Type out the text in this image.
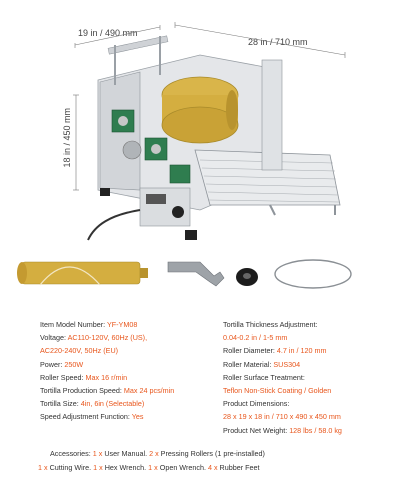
19 in / 490 mm
28 in / 710 mm
18 in / 450 mm
Item Model Number: YF-YM08
Voltage: AC110-120V, 60Hz (US),
AC220-240V, 50Hz (EU)
Power: 250W
Roller Speed: Max 16 r/min
Tortilla Production Speed: Max 24 pcs/min
Tortilla Size: 4in, 6in (Selectable)
Speed Adjustment Function: Yes
Tortilla Thickness Adjustment:
0.04-0.2 in / 1-5 mm
Roller Diameter: 4.7 in / 120 mm
Roller Material: SUS304
Roller Surface Treatment:
Teflon Non-Stick Coating / Golden
Product Dimensions:
28 x 19 x 18 in / 710 x 490 x 450 mm
Product Net Weight: 128 lbs / 58.0 kg
Accessories: 1 x User Manual. 2 x Pressing Rollers (1 pre-installed)
1 x Cutting Wire. 1 x Hex Wrench. 1 x Open Wrench. 4 x Rubber Feet
